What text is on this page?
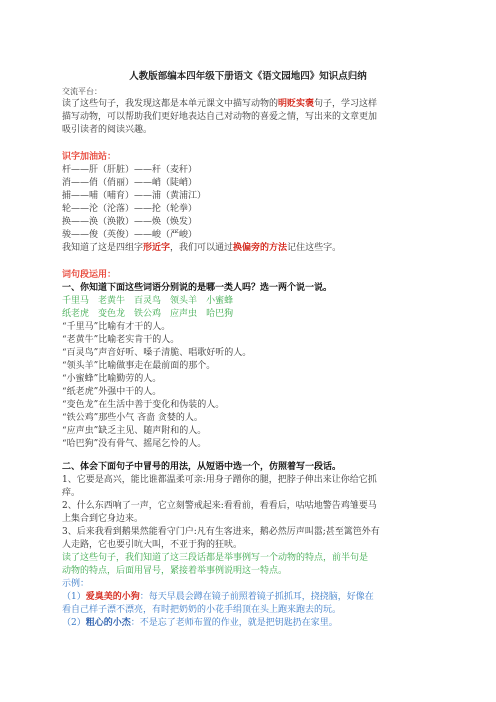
人教版部编本四年级下册语文《语文园地四》知识点归纳
交流平台：
读了这些句子，我发现这都是本单元课文中描写动物的明贬实褒句子，学习这样
描写动物，可以帮助我们更好地表达自己对动物的喜爱之情，写出来的文章更加
吸引读者的阅读兴趣。
识字加油站：
杆——肝（肝脏）——秆（麦秆）
消——俏（俏丽）——峭（陡峭）
捕——哺（哺育）——浦（黄浦江）
轮——沦（沦落）——抡（轮拳）
换——涣（涣散）——焕（焕发）
骏——俊（英俊）——峻（严峻）
我知道了这是四组字形近字，我们可以通过换偏旁的方法记住这些字。
词句段运用：
一、你知道下面这些词语分别说的是哪一类人吗？选一两个说一说。
千里马 老黄牛 百灵鸟 领头羊 小蜜蜂
纸老虎 变色龙 铁公鸡 应声虫 哈巴狗
“千里马”比喻有才干的人。
“老黄牛”比喻老实肯干的人。
“百灵鸟”声音好听、嗓子清脆、唱歌好听的人。
“领头羊”比喻做事走在最前面的那个。
“小蜜蜂”比喻勤劳的人。
“纸老虎”外强中干的人。
“变色龙”在生活中善于变化和伪装的人。
“铁公鸡”那些小气 吝啬 贪婪的人。
“应声虫”缺乏主见、随声附和的人。
“哈巴狗”没有骨气、摇尾乞怜的人。
二、体会下面句子中冒号的用法，从短语中选一个，仿照着写一段话。
1、它要是高兴，能比谁都温柔可亲:用身子蹭你的腿，把脖子伸出来让你给它抓
痒。
2、什么东西响了一声，它立刻警戒起来:看看前，看看后，咕咕地警告鸡雏要马
上集合到它身边来。
3、后来我看到鹅果然能看守门户:凡有生客进来，鹅必然厉声叫嚣;甚至篱笆外有
人走路，它也要引吭大叫，不亚于狗的狂吠。
读了这些句子，我们知道了这三段话都是举事例写一个动物的特点，前半句是
动物的特点，后面用冒号，紧接着举事例说明这一特点。
示例：
（1）爱臭美的小狗：每天早晨会蹲在镜子前照着镜子抓抓耳，挠挠脑，好像在
看自己样子漂不漂亮，有时把奶奶的小花手绢顶在头上跑来跑去的玩。
（2）粗心的小杰：不是忘了老师布置的作业，就是把钥匙扔在家里。
